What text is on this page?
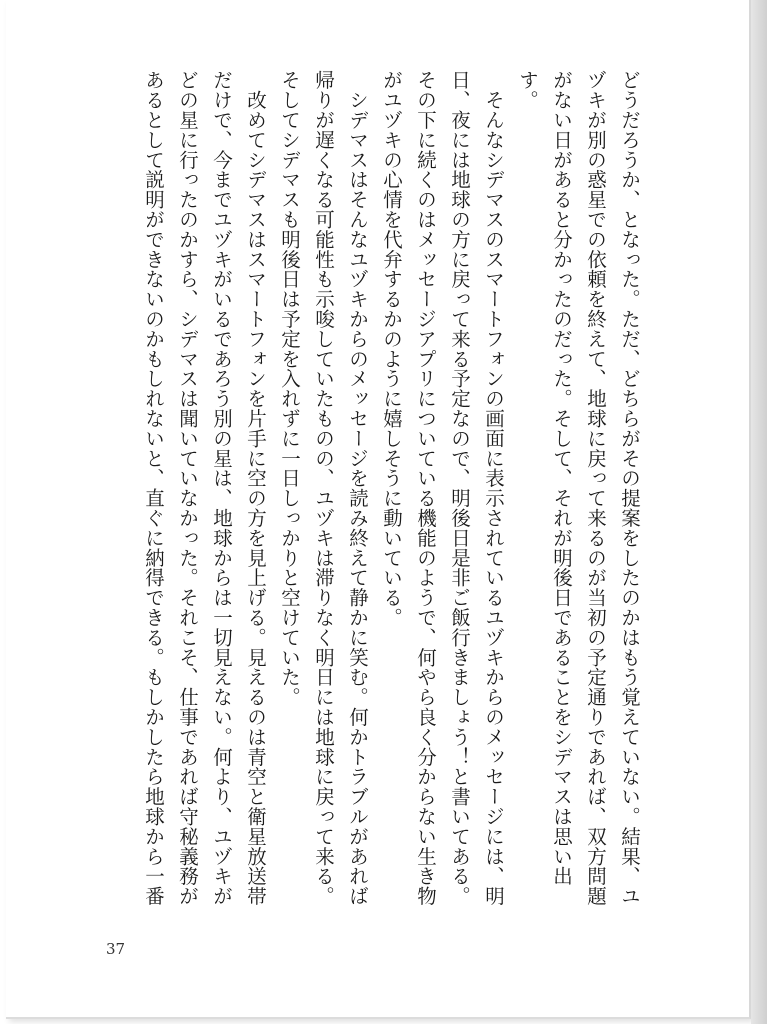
どうだろうか、となった。ただ、どちらがその提案をしたのかはもう覚えていない。結果、ユ
ヅキが別の惑星での依頼を終えて、地球に戻って来るのが当初の予定通りであれば、双方問題
がない日があると分かったのだった。そして、それが明後日であることをシデマスは思い出
す。
　そんなシデマスのスマートフォンの画面に表示されているユヅキからのメッセージには、明
日、夜には地球の方に戻って来る予定なので、明後日是非ご飯行きましょう！と書いてある。
その下に続くのはメッセージアプリについている機能のようで、何やら良く分からない生き物
がユヅキの心情を代弁するかのように嬉しそうに動いている。
　シデマスはそんなユヅキからのメッセージを読み終えて静かに笑む。何かトラブルがあれば
帰りが遅くなる可能性も示唆していたものの、ユヅキは滞りなく明日には地球に戻って来る。
そしてシデマスも明後日は予定を入れずに一日しっかりと空けていた。
　改めてシデマスはスマートフォンを片手に空の方を見上げる。見えるのは青空と衛星放送帯
だけで、今までユヅキがいるであろう別の星は、地球からは一切見えない。何より、ユヅキが
どの星に行ったのかすら、シデマスは聞いていなかった。それこそ、仕事であれば守秘義務が
あるとして説明ができないのかもしれないと、直ぐに納得できる。もしかしたら地球から一番
37
